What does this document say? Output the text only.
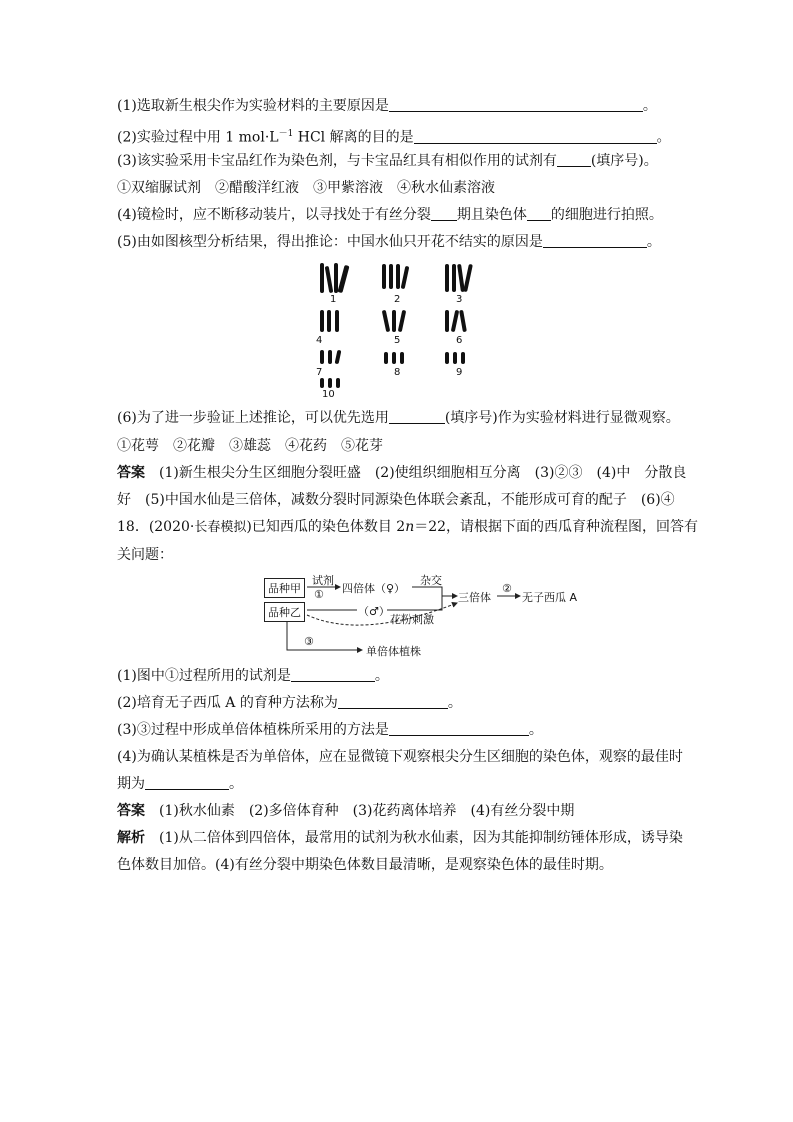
(1)选取新生根尖作为实验材料的主要原因是	。
(2)实验过程中用 1 $mol\cdot L^{-1}$ HCl 解离的目的是	。
(3)该实验采用卡宝品红作为染色剂，与卡宝品红具有相似作用的试剂有 (填序号)。
①双缩脲试剂　②醋酸洋红液　③甲紫溶液　④秋水仙素溶液
(4)镜检时，应不断移动装片，以寻找处于有丝分裂 期且染色体 的细胞进行拍照。
(5)由如图核型分析结果，得出推论：中国水仙只开花不结实的原因是	。
1	2	3
4	5	6
7	8	9
10
(6)为了进一步验证上述推论，可以优先选用	(填序号)作为实验材料进行显微观察。
①花萼　②花瓣　③雄蕊　④花药　⑤花芽
答案　 (1)新生根尖分生区细胞分裂旺盛　(2)使组织细胞相互分离　(3)②③　(4)中　分散良
好　(5)中国水仙是三倍体，减数分裂时同源染色体联会紊乱，不能形成可育的配子　(6)④
18．(2020·长春模拟)已知西瓜的染色体数目 2n＝22，请根据下面的西瓜育种流程图，回答有
关问题：
品种甲
品种乙
试剂
① 四倍体（♀）
杂交
（♂）
花粉刺激
三倍体
②
无子西瓜 A
③
单倍体植株
(1)图中①过程所用的试剂是	。
(2)培育无子西瓜 A 的育种方法称为	。
(3)③过程中形成单倍体植株所采用的方法是	。
(4)为确认某植株是否为单倍体，应在显微镜下观察根尖分生区细胞的染色体，观察的最佳时
期为	。
答案　 (1)秋水仙素　(2)多倍体育种　(3)花药离体培养　(4)有丝分裂中期
解析　 (1)从二倍体到四倍体，最常用的试剂为秋水仙素，因为其能抑制纺锤体形成，诱导染
色体数目加倍。(4)有丝分裂中期染色体数目最清晰，是观察染色体的最佳时期。
